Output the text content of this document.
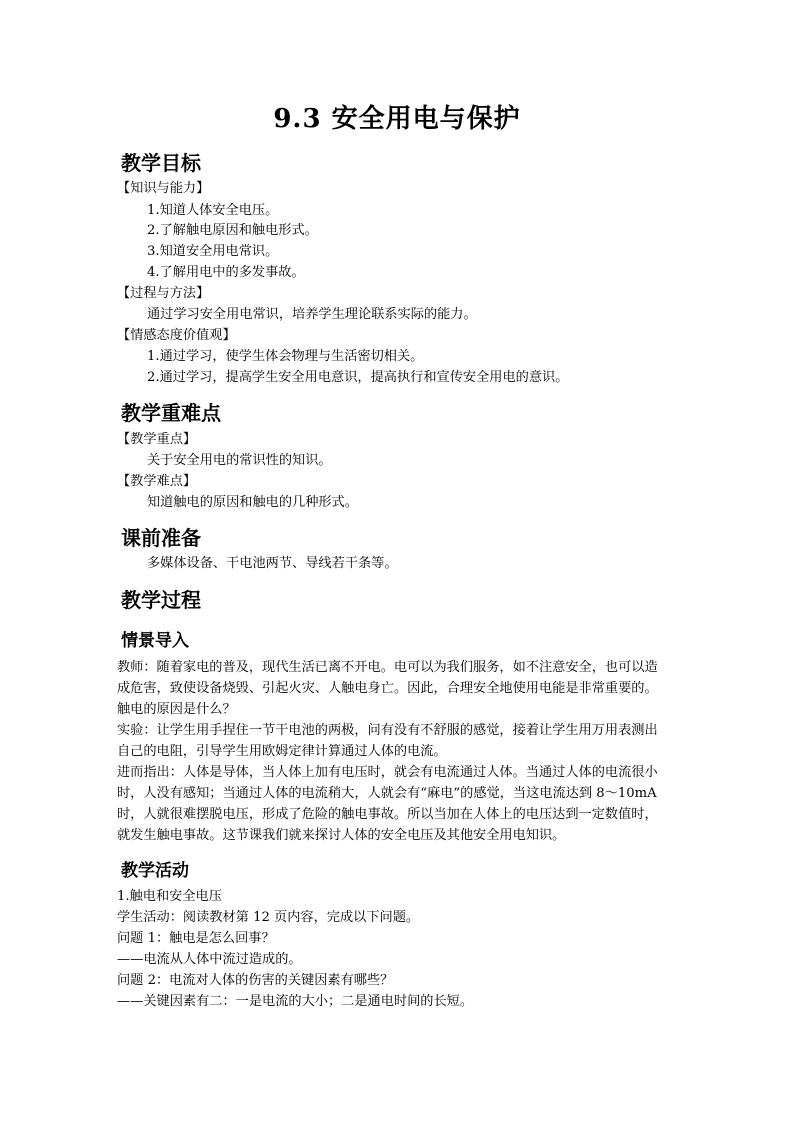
9.3 安全用电与保护
教学目标
【知识与能力】
1.知道人体安全电压。
2.了解触电原因和触电形式。
3.知道安全用电常识。
4.了解用电中的多发事故。
【过程与方法】
通过学习安全用电常识，培养学生理论联系实际的能力。
【情感态度价值观】
1.通过学习，使学生体会物理与生活密切相关。
2.通过学习，提高学生安全用电意识，提高执行和宣传安全用电的意识。
教学重难点
【教学重点】
关于安全用电的常识性的知识。
【教学难点】
知道触电的原因和触电的几种形式。
课前准备
多媒体设备、干电池两节、导线若干条等。
教学过程
情景导入
教师：随着家电的普及，现代生活已离不开电。电可以为我们服务，如不注意安全，也可以造
成危害，致使设备烧毁、引起火灾、人触电身亡。因此，合理安全地使用电能是非常重要的。
触电的原因是什么？
实验：让学生用手捏住一节干电池的两极，问有没有不舒服的感觉，接着让学生用万用表测出
自己的电阻，引导学生用欧姆定律计算通过人体的电流。
进而指出：人体是导体，当人体上加有电压时，就会有电流通过人体。当通过人体的电流很小
时，人没有感知；当通过人体的电流稍大，人就会有“麻电”的感觉，当这电流达到 8～10mA
时，人就很难摆脱电压，形成了危险的触电事故。所以当加在人体上的电压达到一定数值时，
就发生触电事故。这节课我们就来探讨人体的安全电压及其他安全用电知识。
教学活动
1.触电和安全电压
学生活动：阅读教材第 12 页内容，完成以下问题。
问题 1：触电是怎么回事？
——电流从人体中流过造成的。
问题 2：电流对人体的伤害的关键因素有哪些？
——关键因素有二：一是电流的大小；二是通电时间的长短。
